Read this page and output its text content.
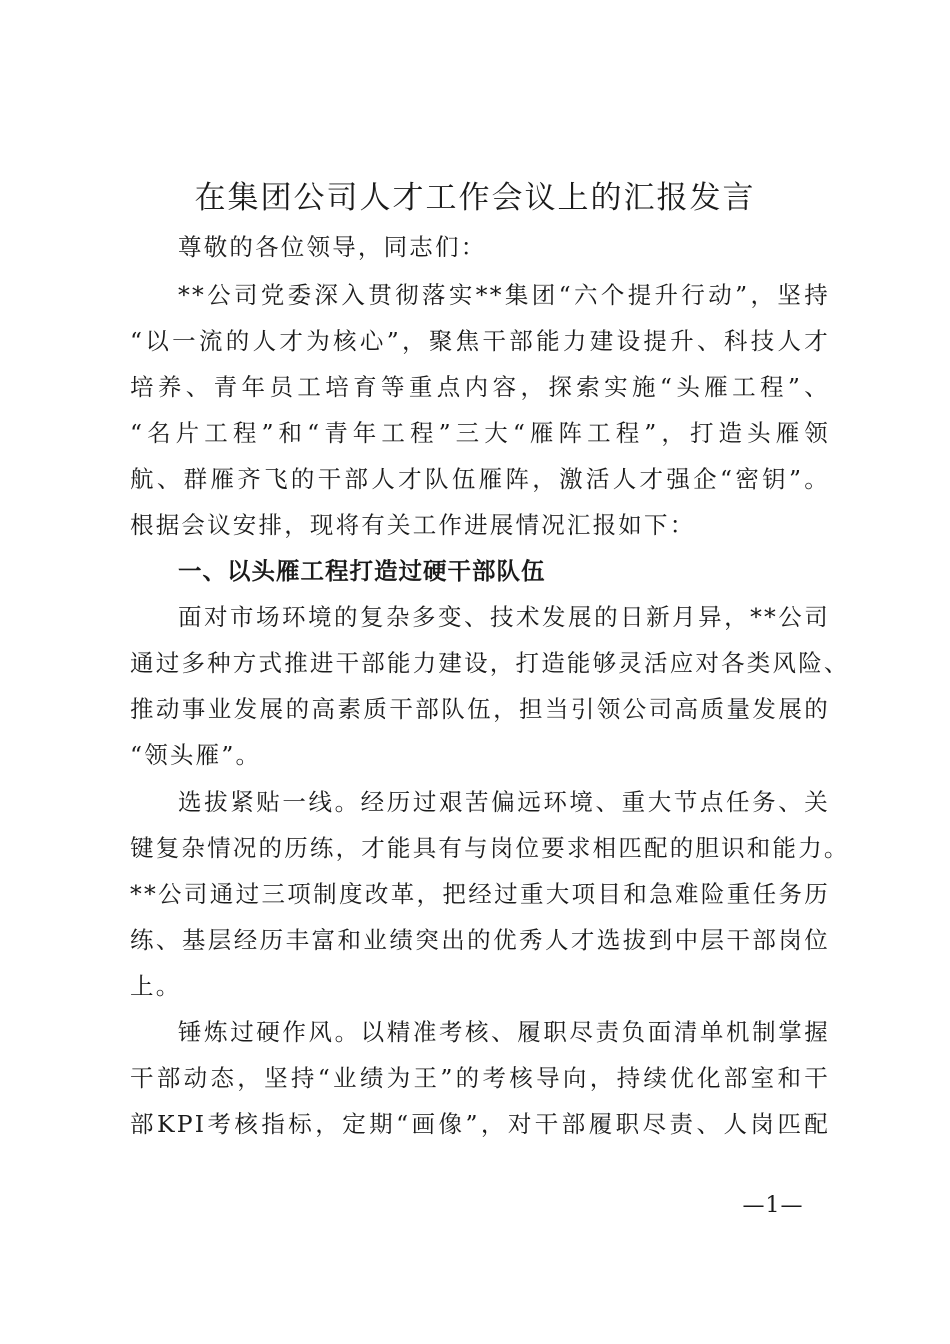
在集团公司人才工作会议上的汇报发言
尊敬的各位领导，同志们：
**公司党委深入贯彻落实**集团“六个提升行动”，坚持
“以一流的人才为核心”，聚焦干部能力建设提升、科技人才
培养、青年员工培育等重点内容，探索实施“头雁工程”、
“名片工程”和“青年工程”三大“雁阵工程”，打造头雁领
航、群雁齐飞的干部人才队伍雁阵，激活人才强企“密钥”。
根据会议安排，现将有关工作进展情况汇报如下：
一、以头雁工程打造过硬干部队伍
面对市场环境的复杂多变、技术发展的日新月异，**公司
通过多种方式推进干部能力建设，打造能够灵活应对各类风险、
推动事业发展的高素质干部队伍，担当引领公司高质量发展的
“领头雁”。
选拔紧贴一线。经历过艰苦偏远环境、重大节点任务、关
键复杂情况的历练，才能具有与岗位要求相匹配的胆识和能力。
**公司通过三项制度改革，把经过重大项目和急难险重任务历
练、基层经历丰富和业绩突出的优秀人才选拔到中层干部岗位
上。
锤炼过硬作风。以精准考核、履职尽责负面清单机制掌握
干部动态，坚持“业绩为王”的考核导向，持续优化部室和干
部KPI考核指标，定期“画像”，对干部履职尽责、人岗匹配
—1—
